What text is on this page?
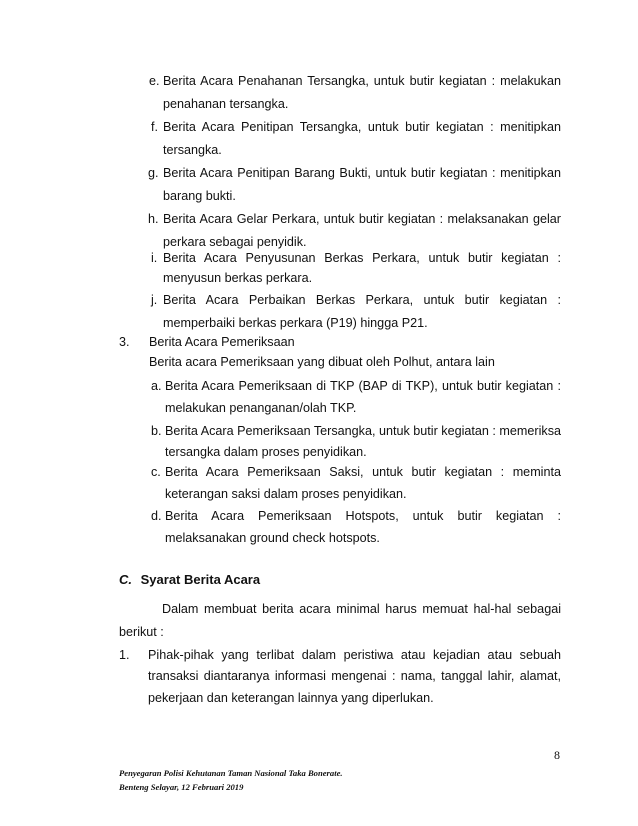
e. Berita Acara Penahanan Tersangka, untuk butir kegiatan : melakukan
penahanan tersangka.
f. Berita Acara Penitipan Tersangka, untuk butir kegiatan : menitipkan
tersangka.
g. Berita Acara Penitipan Barang Bukti, untuk butir kegiatan : menitipkan
barang bukti.
h. Berita Acara Gelar Perkara, untuk butir kegiatan : melaksanakan gelar
perkara sebagai penyidik.
i. Berita Acara Penyusunan Berkas Perkara, untuk butir kegiatan :
menyusun berkas perkara.
j. Berita Acara Perbaikan Berkas Perkara, untuk butir kegiatan :
memperbaiki berkas perkara (P19) hingga P21.
3. Berita Acara Pemeriksaan
Berita acara Pemeriksaan yang dibuat oleh Polhut, antara lain
a. Berita Acara Pemeriksaan di TKP (BAP di TKP), untuk butir kegiatan :
melakukan penanganan/olah TKP.
b. Berita Acara Pemeriksaan Tersangka, untuk butir kegiatan : memeriksa
tersangka dalam proses penyidikan.
c. Berita Acara Pemeriksaan Saksi, untuk butir kegiatan : meminta
keterangan saksi dalam proses penyidikan.
d. Berita Acara Pemeriksaan Hotspots, untuk butir kegiatan :
melaksanakan ground check hotspots.
C. Syarat Berita Acara
Dalam membuat berita acara minimal harus memuat hal-hal sebagai
berikut :
1. Pihak-pihak yang terlibat dalam peristiwa atau kejadian atau sebuah
transaksi diantaranya informasi mengenai : nama, tanggal lahir, alamat,
pekerjaan dan keterangan lainnya yang diperlukan.
8
Penyegaran Polisi Kehutanan Taman Nasional Taka Bonerate.
Benteng Selayar, 12 Februari 2019
